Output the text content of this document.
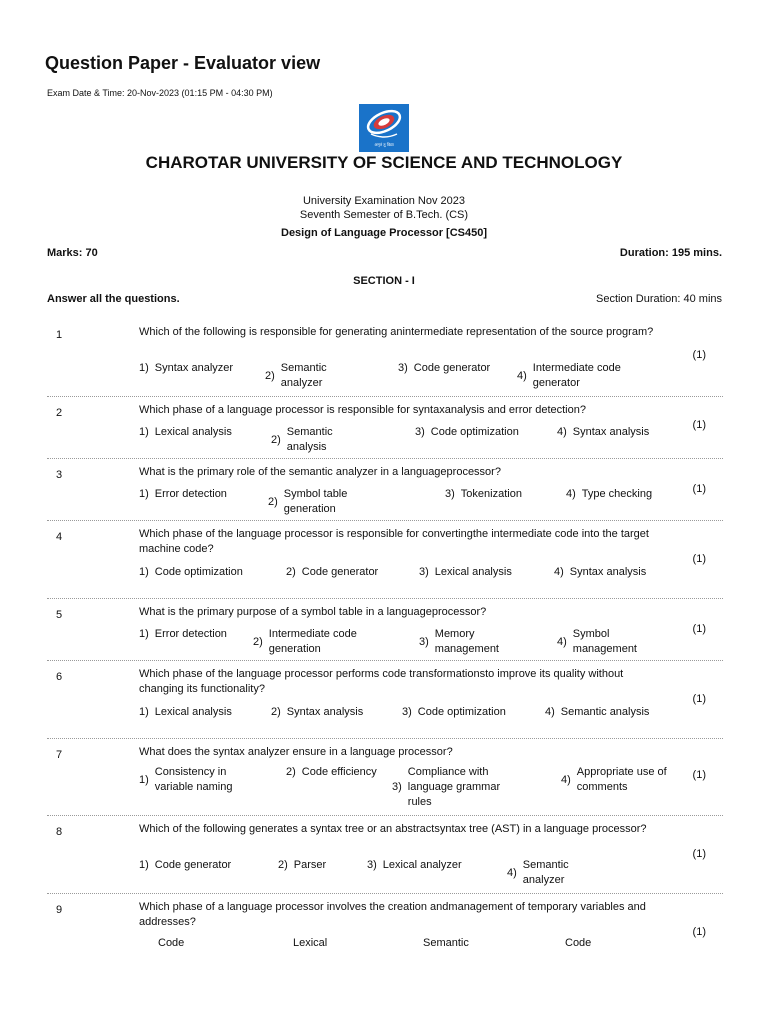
Question Paper - Evaluator view
Exam Date & Time: 20-Nov-2023 (01:15 PM - 04:30 PM)
अमृतं तु विद्या
CHAROTAR UNIVERSITY OF SCIENCE AND TECHNOLOGY
University Examination Nov 2023
Seventh Semester of B.Tech. (CS)
Design of Language Processor [CS450]
Marks: 70	Duration: 195 mins.
SECTION - I
Answer all the questions.	Section Duration: 40 mins
1	Which of the following is responsible for generating anintermediate representation of the source program?
(1)
1) Syntax analyzer
2)
Semantic analyzer
3) Code generator
4)
Intermediate code generator
2	Which phase of a language processor is responsible for syntaxanalysis and error detection?
(1)
1) Lexical analysis
2)
Semantic analysis
3) Code optimization	4) Syntax analysis
3	What is the primary role of the semantic analyzer in a languageprocessor?
(1)
1) Error detection
2)
Symbol table generation
3) Tokenization	4) Type checking
4	Which phase of the language processor is responsible for convertingthe intermediate code into the target machine code?
(1)
1) Code optimization	2) Code generator	3) Lexical analysis	4) Syntax analysis
5	What is the primary purpose of a symbol table in a languageprocessor?
(1)
1) Error detection
2)
Intermediate code generation
3)
Memory management
4)
Symbol management
6	Which phase of the language processor performs code transformationsto improve its quality without changing its functionality?
(1)
1) Lexical analysis	2) Syntax analysis	3) Code optimization	4) Semantic analysis
7	What does the syntax analyzer ensure in a language processor?
(1)
1)
Consistency in variable naming
2) Code efficiency
3)
Compliance with language grammar rules
4)
Appropriate use of comments
8	Which of the following generates a syntax tree or an abstractsyntax tree (AST) in a language processor?
(1)
1) Code generator	2) Parser	3) Lexical analyzer
4)
Semantic analyzer
9	Which phase of a language processor involves the creation andmanagement of temporary variables and addresses?
(1)
Code	Lexical	Semantic	Code
